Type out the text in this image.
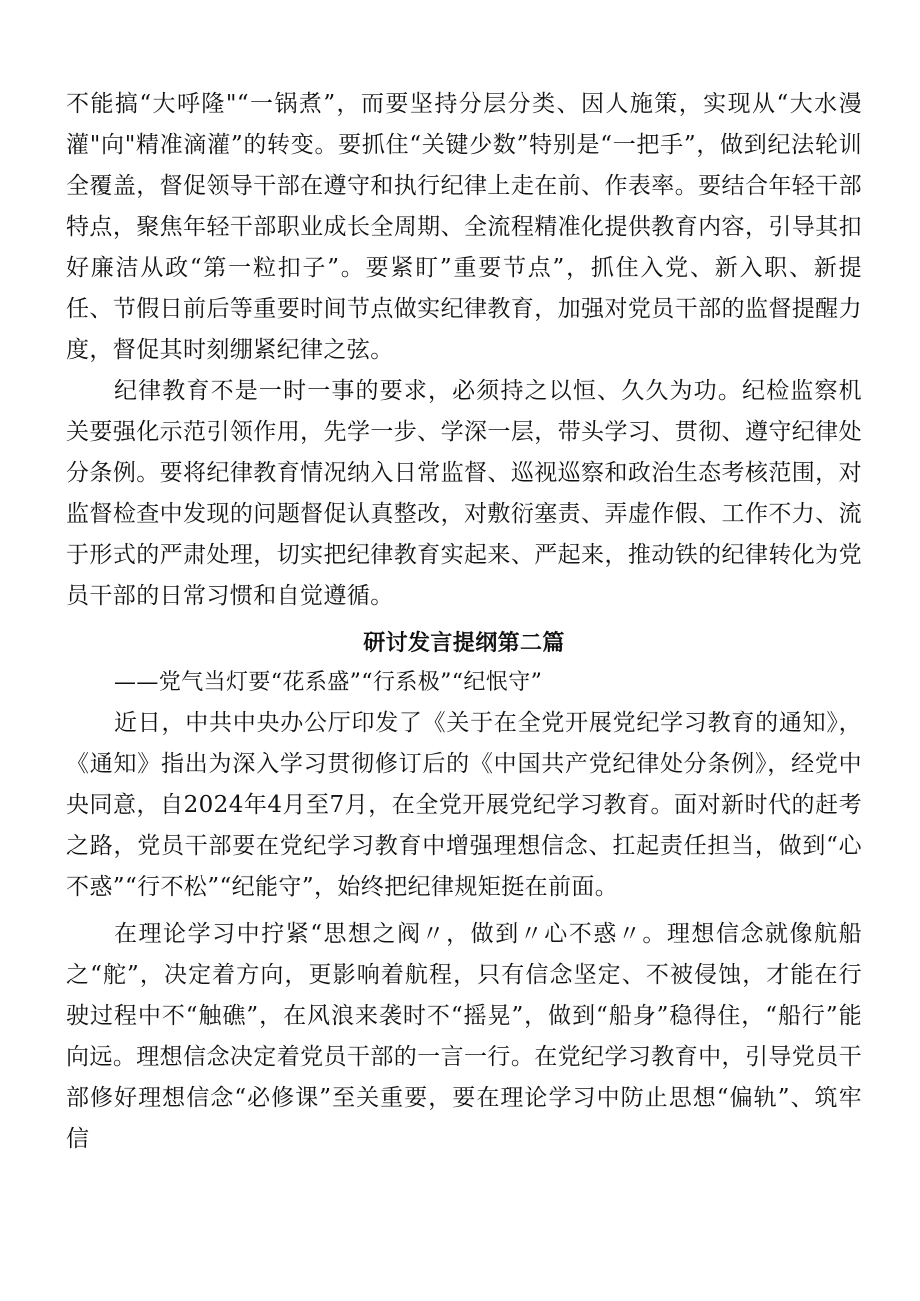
不能搞“大呼隆"“一锅煮”，而要坚持分层分类、因人施策，实现从“大水漫灌"向"精准滴灌”的转变。要抓住“关键少数”特别是“一把手”，做到纪法轮训全覆盖，督促领导干部在遵守和执行纪律上走在前、作表率。要结合年轻干部特点，聚焦年轻干部职业成长全周期、全流程精准化提供教育内容，引导其扣好廉洁从政“第一粒扣子”。要紧盯”重要节点”，抓住入党、新入职、新提任、节假日前后等重要时间节点做实纪律教育，加强对党员干部的监督提醒力度，督促其时刻绷紧纪律之弦。

纪律教育不是一时一事的要求，必须持之以恒、久久为功。纪检监察机关要强化示范引领作用，先学一步、学深一层，带头学习、贯彻、遵守纪律处分条例。要将纪律教育情况纳入日常监督、巡视巡察和政治生态考核范围，对监督检查中发现的问题督促认真整改，对敷衍塞责、弄虚作假、工作不力、流于形式的严肃处理，切实把纪律教育实起来、严起来，推动铁的纪律转化为党员干部的日常习惯和自觉遵循。

研讨发言提纲第二篇

——党气当灯要“花系盛”“行系极”“纪怋守”

近日，中共中央办公厅印发了《关于在全党开展党纪学习教育的通知》，《通知》指出为深入学习贯彻修订后的《中国共产党纪律处分条例》，经党中央同意，自2024年4月至7月，在全党开展党纪学习教育。面对新时代的赶考之路，党员干部要在党纪学习教育中增强理想信念、扛起责任担当，做到“心不惑”“行不松”“纪能守”，始终把纪律规矩挺在前面。

在理论学习中拧紧“思想之阀〃，做到〃心不惑〃。理想信念就像航船之“舵”，决定着方向，更影响着航程，只有信念坚定、不被侵蚀，才能在行驶过程中不“触礁”，在风浪来袭时不“摇晃”，做到“船身”稳得住，“船行”能向远。理想信念决定着党员干部的一言一行。在党纪学习教育中，引导党员干部修好理想信念“必修课”至关重要，要在理论学习中防止思想“偏轨”、筑牢信
